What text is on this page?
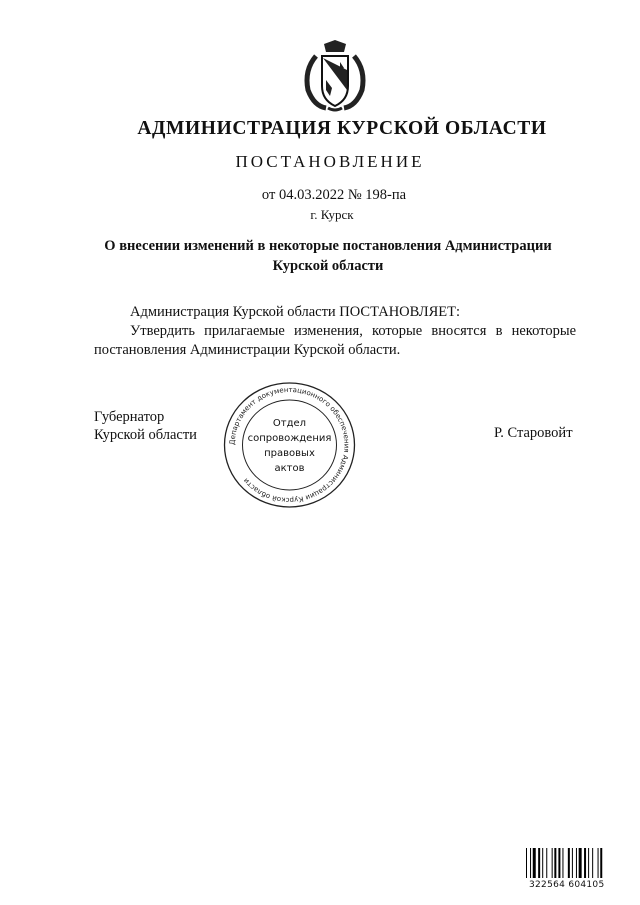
АДМИНИСТРАЦИЯ КУРСКОЙ ОБЛАСТИ
ПОСТАНОВЛЕНИЕ
от 04.03.2022 № 198-па
г. Курск
О внесении изменений в некоторые постановления Администрации
Курской области
Администрация Курской области ПОСТАНОВЛЯЕТ:
Утвердить прилагаемые изменения, которые вносятся в некоторые
постановления Администрации Курской области.
Губернатор
Курской области	Р. Старовойт
Департамент документационного обеспечения Администрации Курской области
Отдел
сопровождения
правовых
актов
322564 604105
